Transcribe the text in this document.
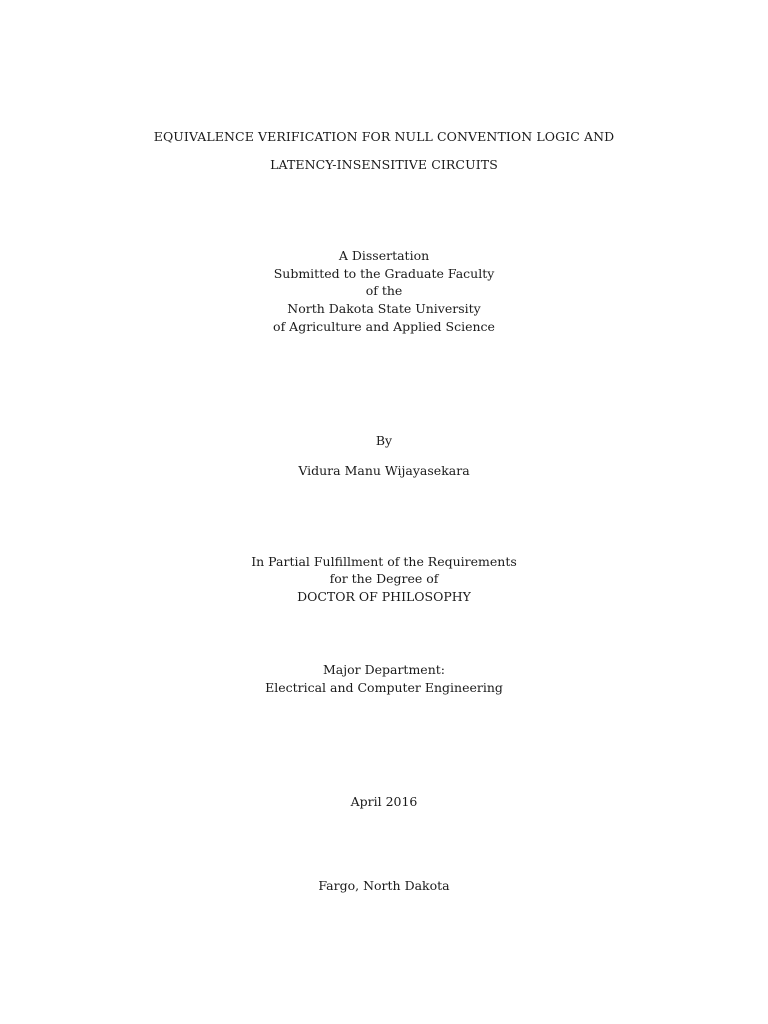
EQUIVALENCE VERIFICATION FOR NULL CONVENTION LOGIC AND
LATENCY-INSENSITIVE CIRCUITS
A Dissertation
Submitted to the Graduate Faculty
of the
North Dakota State University
of Agriculture and Applied Science
By
Vidura Manu Wijayasekara
In Partial Fulfillment of the Requirements
for the Degree of
DOCTOR OF PHILOSOPHY
Major Department:
Electrical and Computer Engineering
April 2016
Fargo, North Dakota
